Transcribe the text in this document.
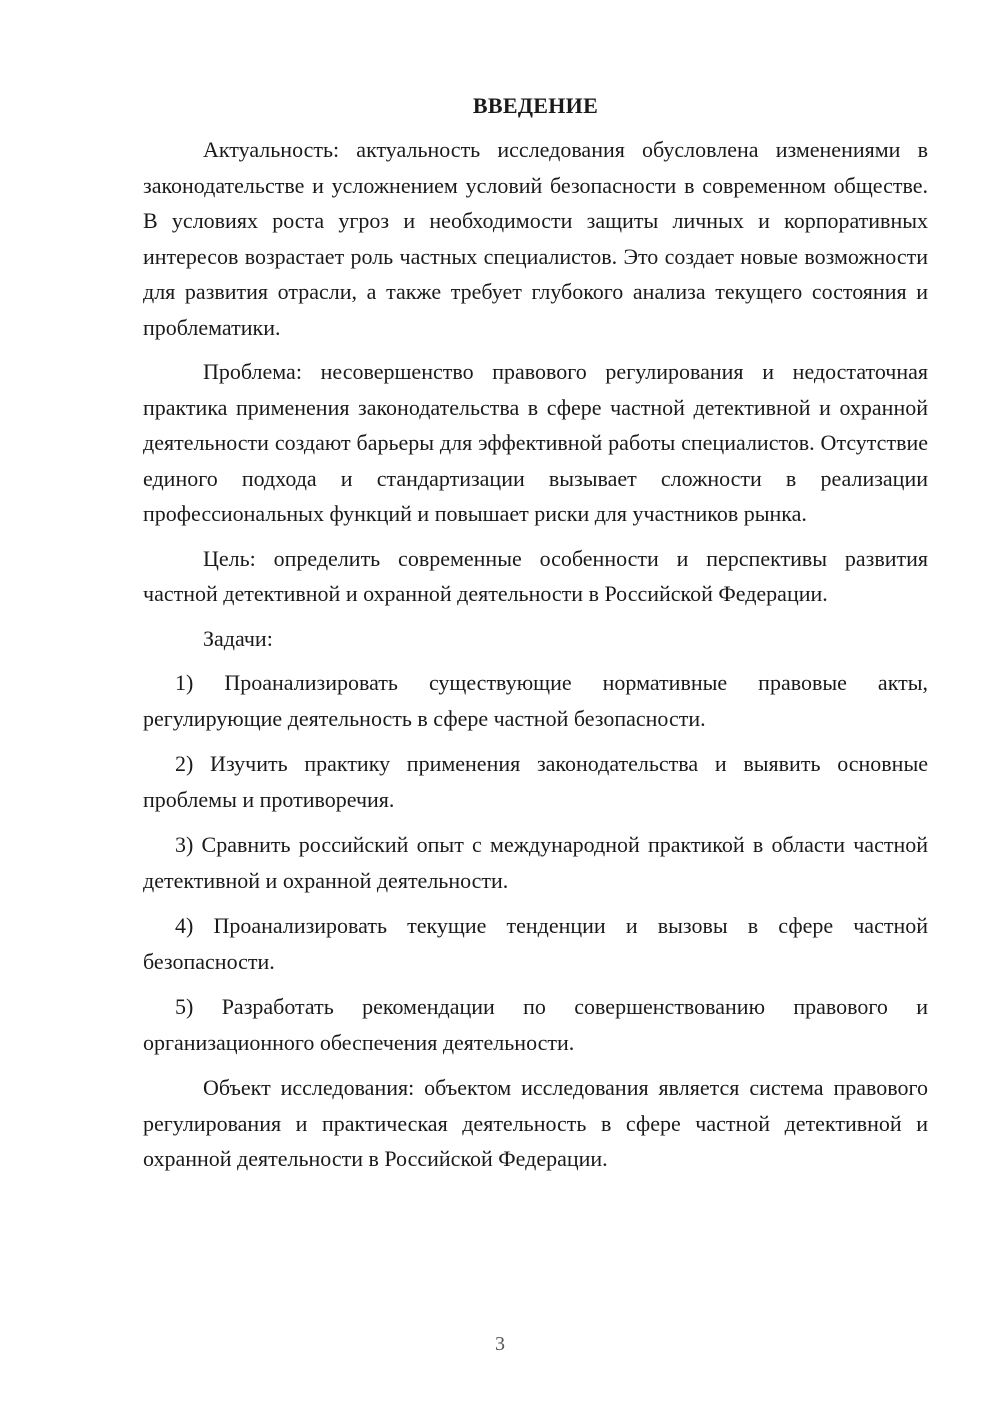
ВВЕДЕНИЕ

Актуальность: актуальность исследования обусловлена изменениями в законодательстве и усложнением условий безопасности в современном обществе. В условиях роста угроз и необходимости защиты личных и корпоративных интересов возрастает роль частных специалистов. Это создает новые возможности для развития отрасли, а также требует глубокого анализа текущего состояния и проблематики.

Проблема: несовершенство правового регулирования и недостаточная практика применения законодательства в сфере частной детективной и охранной деятельности создают барьеры для эффективной работы специалистов. Отсутствие единого подхода и стандартизации вызывает сложности в реализации профессиональных функций и повышает риски для участников рынка.

Цель: определить современные особенности и перспективы развития частной детективной и охранной деятельности в Российской Федерации.

Задачи:

1) Проанализировать существующие нормативные правовые акты, регулирующие деятельность в сфере частной безопасности.

2) Изучить практику применения законодательства и выявить основные проблемы и противоречия.

3) Сравнить российский опыт с международной практикой в области частной детективной и охранной деятельности.

4) Проанализировать текущие тенденции и вызовы в сфере частной безопасности.

5) Разработать рекомендации по совершенствованию правового и организационного обеспечения деятельности.

Объект исследования: объектом исследования является система правового регулирования и практическая деятельность в сфере частной детективной и охранной деятельности в Российской Федерации.

3
